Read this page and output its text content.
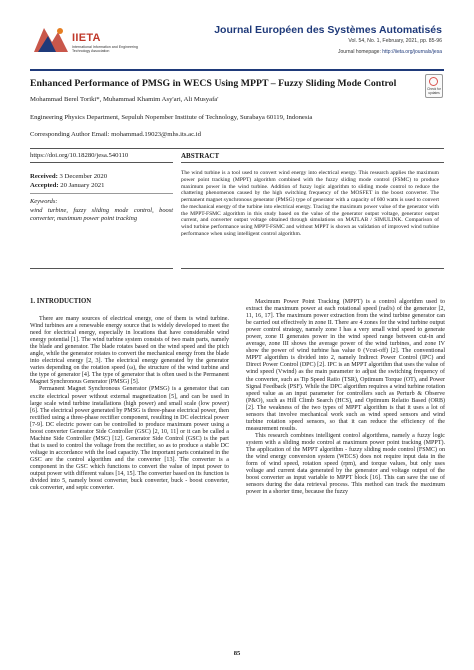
IIETA
International Information and Engineering Technology Association
Journal Européen des Systèmes Automatisés
Vol. 54, No. 1, February, 2021, pp. 85-96
Journal homepage: http://iieta.org/journals/jesa
Check for updates
Enhanced Performance of PMSG in WECS Using MPPT – Fuzzy Sliding Mode Control
Mohammad Berel Toriki*, Muhammad Khamim Asy'ari, Ali Musyafa'
Engineering Physics Department, Sepuluh Nopember Institute of Technology, Surabaya 60119, Indonesia
Corresponding Author Email: mohammad.19023@mhs.its.ac.id
https://doi.org/10.18280/jesa.540110	ABSTRACT
Received: 3 December 2020
Accepted: 20 January 2021
Keywords:
wind turbine, fuzzy sliding mode control, boost converter, maximum power point tracking
The wind turbine is a tool used to convert wind energy into electrical energy. This research applies the maximum power point tracking (MPPT) algorithm combined with the fuzzy sliding mode control (FSMC) to produce maximum power in the wind turbine. Addition of fuzzy logic algorithm to sliding mode control to reduce the chattering phenomenon caused by the high switching frequency of the MOSFET in the boost converter. The permanent magnet synchronous generator (PMSG) type of generator with a capacity of 600 watts is used to convert the mechanical energy of the turbine into electrical energy. Tracing the maximum power value of the generator with the MPPT-FSMC algorithm in this study based on the value of the generator output voltage, generator output current, and converter output voltage obtained through simulations on MATLAB / SIMULINK. Comparison of wind turbine performance using MPPT-FSMC and without MPPT is shown as validation of improved wind turbine performance when using intelligent control algorithm.
1. INTRODUCTION

There are many sources of electrical energy, one of them is wind turbine. Wind turbines are a renewable energy source that is widely developed to meet the need for electrical energy, especially in locations that have considerable wind energy potential [1]. The wind turbine system consists of two main parts, namely the blade and generator. The blade rotates based on the wind speed and the pitch angle, while the generator rotates to convert the mechanical energy from the blade into electrical energy [2, 3]. The electrical energy generated by the generator varies depending on the rotation speed (ω), the structure of the wind turbine and the type of generator [4]. The type of generator that is often used is the Permanent Magnet Synchronous Generator (PMSG) [5].

Permanent Magnet Synchronous Generator (PMSG) is a generator that can excite electrical power without external magnetization [5], and can be used in large scale wind turbine installations (high power) and small scale (low power) [6]. The electrical power generated by PMSG is three-phase electrical power, then rectified using a three-phase rectifier component, resulting in DC electrical power [7-9]. DC electric power can be controlled to produce maximum power using a boost converter Generator Side Controller (GSC) [2, 10, 11] or it can be called a Machine Side Controller (MSC) [12]. Generator Side Control (GSC) is the part that is used to control the voltage from the rectifier, so as to produce a stable DC voltage in accordance with the load capacity. The important parts contained in the GSC are the control algorithm and the converter [13]. The converter is a component in the GSC which functions to convert the value of input power to output power with different values [14, 15]. The converter based on its function is divided into 5, namely boost converter, buck converter, buck - boost converter, cuk converter, and sepic converter.

Maximum Power Point Tracking (MPPT) is a control algorithm used to extract the maximum power at each rotational speed (rad/s) of the generator [2, 11, 16, 17]. The maximum power extraction from the wind turbine generator can be carried out effectively in zone II. There are 4 zones for the wind turbine output power control strategy, namely zone I has a very small wind speed to generate power, zone II generates power in the wind speed range between cut-in and average, zone III shows the average power of the wind turbines, and zone IV show the power of wind turbine has value 0 (Vcut-off) [2]. The conventional MPPT algorithm is divided into 2, namely Indirect Power Control (IPC) and Direct Power Control (DPC) [2]. IPC is an MPPT algorithm that uses the value of wind speed (Vwind) as the main parameter to adjust the switching frequency of the converter, such as Tip Speed Ratio (TSR), Optimum Torque (OT), and Power Signal Feedback (PSF). While the DPC algorithm requires a wind turbine rotation speed value as an input parameter for controllers such as Perturb & Observe (P&O), such as Hill Climb Search (HCS), and Optimum Relatio Based (ORB) [2]. The weakness of the two types of MPPT algorithm is that it uses a lot of sensors that involve mechanical work such as wind speed sensors and wind turbine rotation speed sensors, so that it can reduce the efficiency of the measurement results.

This research combines intelligent control algorithms, namely a fuzzy logic system with a sliding mode control at maximum power point tracking (MPPT). The application of the MPPT algorithm - fuzzy sliding mode control (FSMC) on the wind energy conversion system (WECS) does not require input data in the form of wind speed, rotation speed (rpm), and torque values, but only uses voltage and current data generated by the generator and voltage output of the boost converter as input variable to MPPT block [16]. This can save the use of sensors during the data retrieval process. This method can track the maximum power in a shorter time, because the fuzzy

85
